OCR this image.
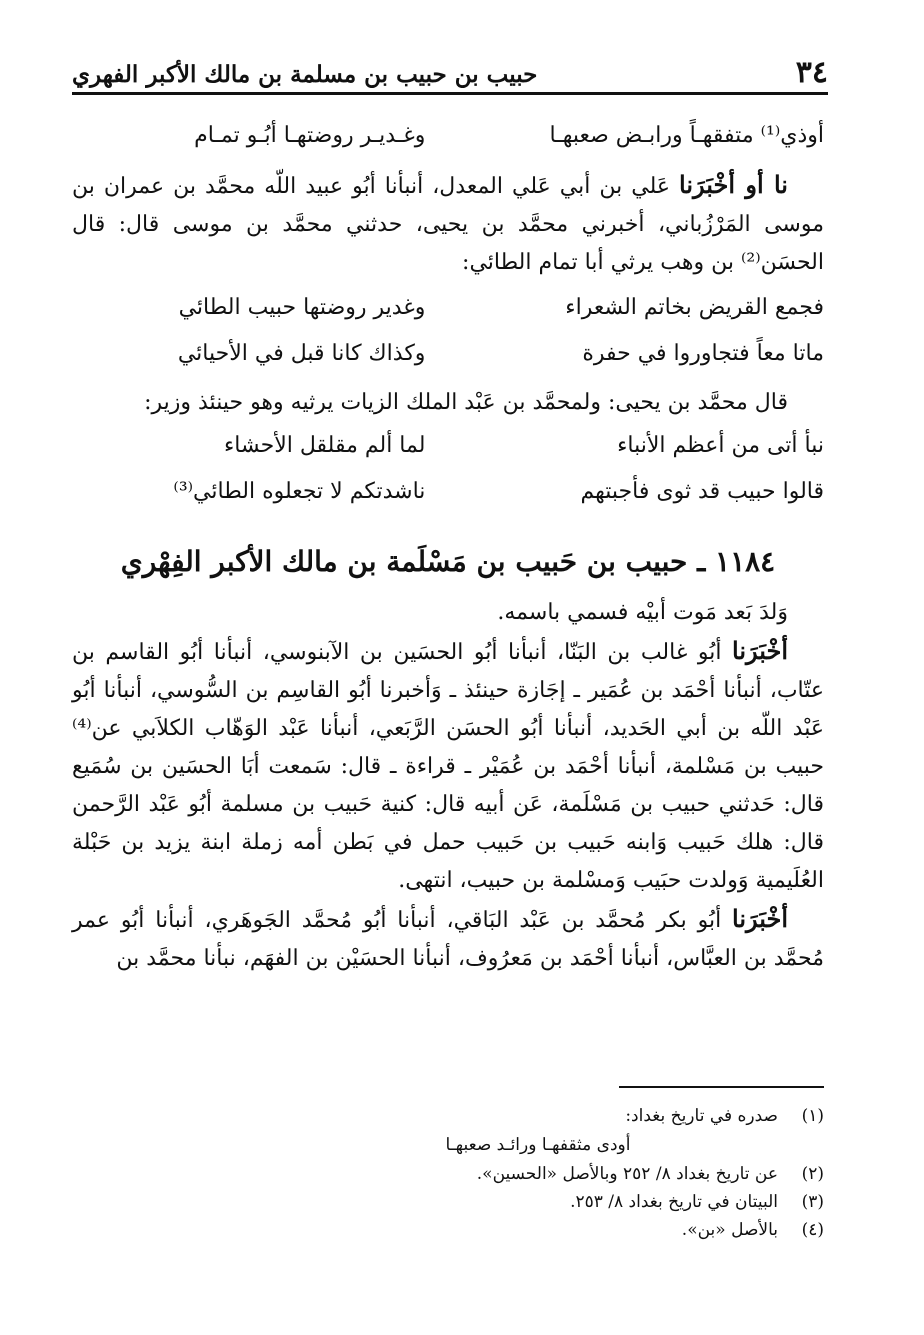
٣٤
حبيب بن حبيب بن مسلمة بن مالك الأكبر الفهري
أوذي⁽¹⁾ متفقهـاً ورابـض صعبهـا
وغـديـر روضتهـا أبُـو تمـام

نا أو أخْبَرَنا عَلي بن أبي عَلي المعدل، أنبأنا أبُو عبيد اللّه محمَّد بن عمران بن موسى المَرْزُباني، أخبرني محمَّد بن يحيى، حدثني محمَّد بن موسى قال: قال الحسَن⁽²⁾ بن وهب يرثي أبا تمام الطائي:

فجمع القريض بخاتم الشعراء
وغدير روضتها حبيب الطائي
ماتا معاً فتجاوروا في حفرة
وكذاك كانا قبل في الأحيائي

قال محمَّد بن يحيى: ولمحمَّد بن عَبْد الملك الزيات يرثيه وهو حينئذ وزير:

نبأ أتى من أعظم الأنباء
لما ألم مقلقل الأحشاء
قالوا حبيب قد ثوى فأجبتهم
ناشدتكم لا تجعلوه الطائي⁽³⁾
١١٨٤ ـ حبيب بن حَبيب بن مَسْلَمة بن مالك الأكبر الفِهْري

وَلدَ بَعد مَوت أبيْه فسمي باسمه.

أخْبَرَنا أبُو غالب بن البَنّا، أنبأنا أبُو الحسَين بن الآبنوسي، أنبأنا أبُو القاسم بن عتّاب، أنبأنا أحْمَد بن عُمَير ـ إجَازة حينئذ ـ وَأخبرنا أبُو القاسِم بن السُّوسي، أنبأنا أبُو عَبْد اللّه بن أبي الحَديد، أنبأنا أبُو الحسَن الرَّبَعي، أنبأنا عَبْد الوَهّاب الكلاَبي عن⁽⁴⁾ حبيب بن مَسْلمة، أنبأنا أحْمَد بن عُمَيْر ـ قراءة ـ قال: سَمعت أبَا الحسَين بن سُمَيع قال: حَدثني حبيب بن مَسْلَمة، عَن أبيه قال: كنية حَبيب بن مسلمة أبُو عَبْد الرَّحمن قال: هلك حَبيب وَابنه حَبيب بن حَبيب حمل في بَطن أمه زملة ابنة يزيد بن حَبْلة العُلَيمية وَولدت حبَيب وَمسْلمة بن حبيب، انتهى.

أخْبَرَنا أبُو بكر مُحمَّد بن عَبْد البَاقي، أنبأنا أبُو مُحمَّد الجَوهَري، أنبأنا أبُو عمر مُحمَّد بن العبَّاس، أنبأنا أحْمَد بن مَعرُوف، أنبأنا الحسَيْن بن الفهَم، نبأنا محمَّد بن

(١)صدره في تاريخ بغداد:
أودى مثقفهـا ورائـد صعبهـا
(٢)عن تاريخ بغداد ٨/ ٢٥٢ وبالأصل «الحسين».
(٣)البيتان في تاريخ بغداد ٨/ ٢٥٣.
(٤)بالأصل «بن».
